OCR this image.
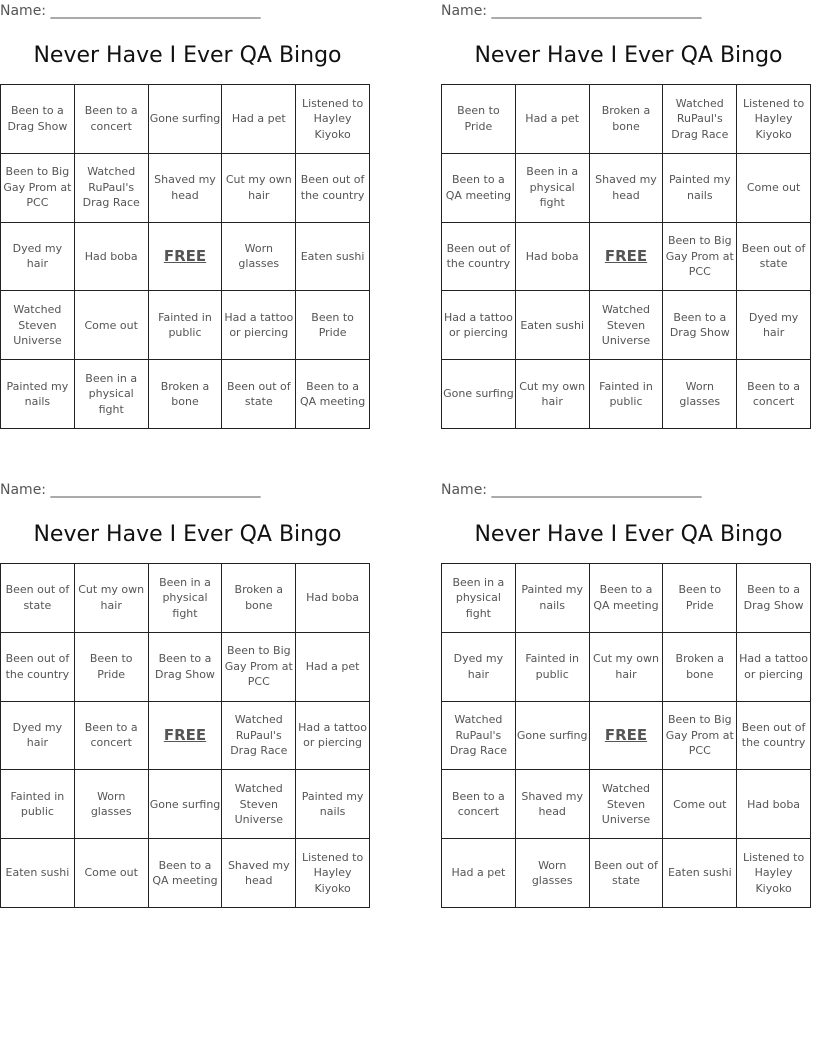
Name: ______________________________
Never Have I Ever QA Bingo
Been to a Drag Show	Been to a concert	Gone surfing	Had a pet	Listened to Hayley Kiyoko
Been to Big Gay Prom at PCC	Watched RuPaul's Drag Race	Shaved my head	Cut my own hair	Been out of the country
Dyed my hair	Had boba	FREE	Worn glasses	Eaten sushi
Watched Steven Universe	Come out	Fainted in public	Had a tattoo or piercing	Been to Pride
Painted my nails	Been in a physical fight	Broken a bone	Been out of state	Been to a QA meeting
Name: ______________________________
Never Have I Ever QA Bingo
Been to Pride	Had a pet	Broken a bone	Watched RuPaul's Drag Race	Listened to Hayley Kiyoko
Been to a QA meeting	Been in a physical fight	Shaved my head	Painted my nails	Come out
Been out of the country	Had boba	FREE	Been to Big Gay Prom at PCC	Been out of state
Had a tattoo or piercing	Eaten sushi	Watched Steven Universe	Been to a Drag Show	Dyed my hair
Gone surfing	Cut my own hair	Fainted in public	Worn glasses	Been to a concert
Name: ______________________________
Never Have I Ever QA Bingo
Been out of state	Cut my own hair	Been in a physical fight	Broken a bone	Had boba
Been out of the country	Been to Pride	Been to a Drag Show	Been to Big Gay Prom at PCC	Had a pet
Dyed my hair	Been to a concert	FREE	Watched RuPaul's Drag Race	Had a tattoo or piercing
Fainted in public	Worn glasses	Gone surfing	Watched Steven Universe	Painted my nails
Eaten sushi	Come out	Been to a QA meeting	Shaved my head	Listened to Hayley Kiyoko
Name: ______________________________
Never Have I Ever QA Bingo
Been in a physical fight	Painted my nails	Been to a QA meeting	Been to Pride	Been to a Drag Show
Dyed my hair	Fainted in public	Cut my own hair	Broken a bone	Had a tattoo or piercing
Watched RuPaul's Drag Race	Gone surfing	FREE	Been to Big Gay Prom at PCC	Been out of the country
Been to a concert	Shaved my head	Watched Steven Universe	Come out	Had boba
Had a pet	Worn glasses	Been out of state	Eaten sushi	Listened to Hayley Kiyoko
